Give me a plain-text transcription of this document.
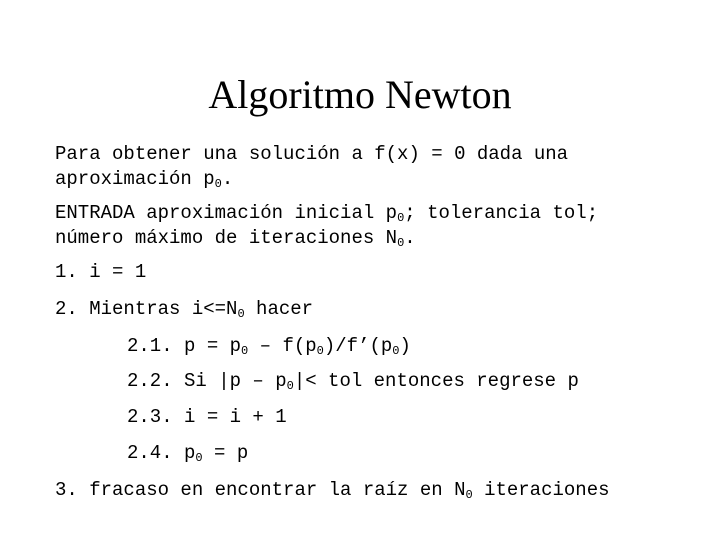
Algoritmo Newton
Para obtener una solución a f(x) = 0 dada una
aproximación $p_0$.
ENTRADA aproximación inicial $p_0$; tolerancia tol;
número máximo de iteraciones $N_0$.
1. i = 1
2. Mientras $i<=N_0$ hacer
2.1. $p = p_0$ – $f(p_0)/f’(p_0)$
2.2. Si $|p - p_0|<$ tol entonces regrese p
2.3. i = i + 1
2.4. $p_0 = p$
3. fracaso en encontrar la raíz en $N_0$ iteraciones
